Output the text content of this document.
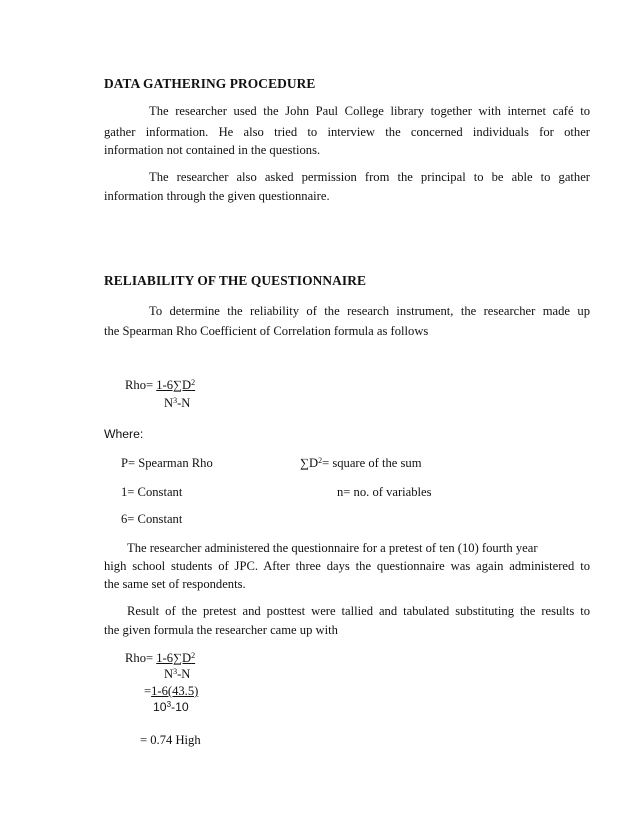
DATA GATHERING PROCEDURE
The researcher used the John Paul College library together with internet café to
gather information. He also tried to interview the concerned individuals for other
information not contained in the questions.
The researcher also asked permission from the principal to be able to gather
information through the given questionnaire.
RELIABILITY OF THE QUESTIONNAIRE
To determine the reliability of the research instrument, the researcher made up
the Spearman Rho Coefficient of Correlation formula as follows
$Rho= 1-6\sum D^2$
$N^3-N$
Where:
P= Spearman Rho	$\sum D^2=$ square of the sum
1= Constant	n= no. of variables
6= Constant
The researcher administered the questionnaire for a pretest of ten (10) fourth year
high school students of JPC. After three days the questionnaire was again administered to
the same set of respondents.
Result of the pretest and posttest were tallied and tabulated substituting the results to
the given formula the researcher came up with
$Rho= 1-6\sum D^2$
$N^3-N$
=1-6(43.5)
$10^3-10$
= 0.74 High
